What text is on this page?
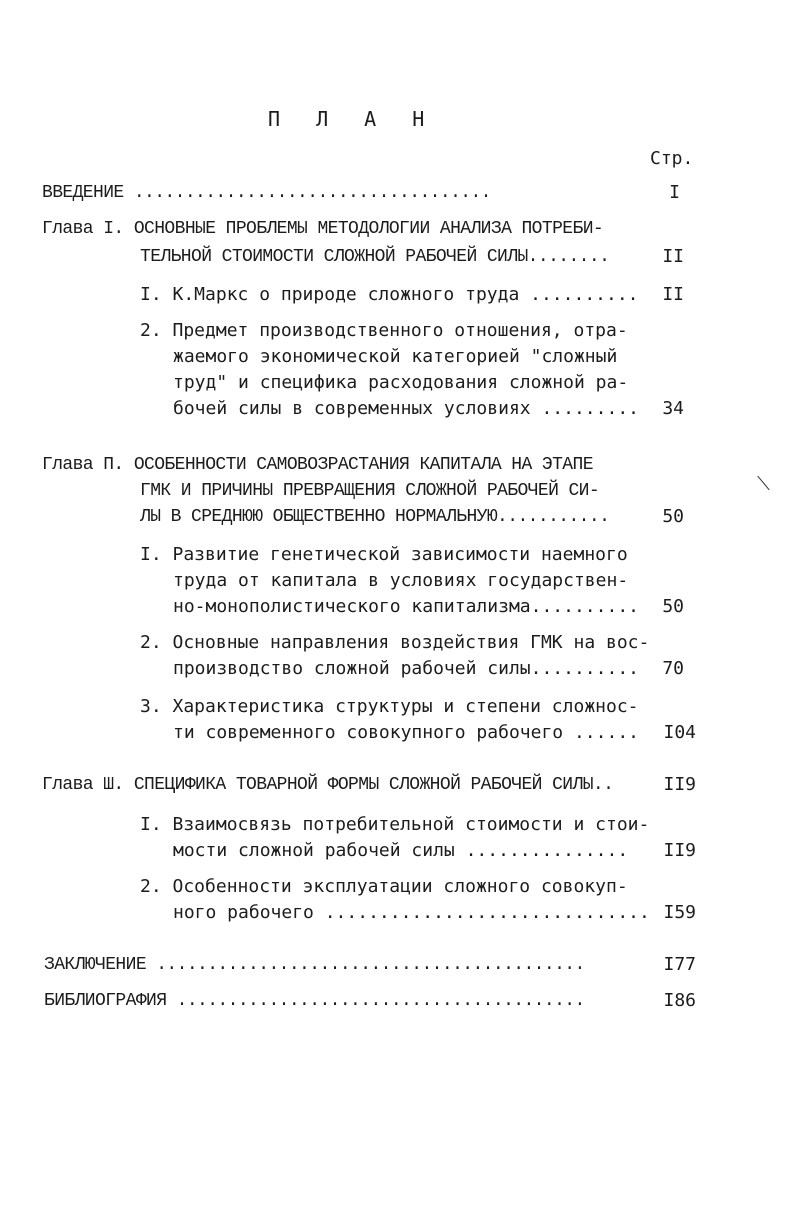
П Л А Н
Стр.
ВВЕДЕНИЕ ...................................	I
Глава I. ОСНОВНЫЕ ПРОБЛЕМЫ МЕТОДОЛОГИИ АНАЛИЗА ПОТРЕБИ-
ТЕЛЬНОЙ СТОИМОСТИ СЛОЖНОЙ РАБОЧЕЙ СИЛЫ........	II
I. К.Маркс о природе сложного труда ..........	II
2. Предмет производственного отношения, отра-
жаемого экономической категорией "сложный
труд" и специфика расходования сложной ра-
бочей силы в современных условиях .........	34
Глава П. ОСОБЕННОСТИ САМОВОЗРАСТАНИЯ КАПИТАЛА НА ЭТАПЕ
ГМК И ПРИЧИНЫ ПРЕВРАЩЕНИЯ СЛОЖНОЙ РАБОЧЕЙ СИ-
ЛЫ В СРЕДНЮЮ ОБЩЕСТВЕННО НОРМАЛЬНУЮ...........	50
I. Развитие генетической зависимости наемного
труда от капитала в условиях государствен-
но-монополистического капитализма..........	50
2. Основные направления воздействия ГМК на вос-
производство сложной рабочей силы..........	70
3. Характеристика структуры и степени сложнос-
ти современного совокупного рабочего ......	I04
Глава Ш. СПЕЦИФИКА ТОВАРНОЙ ФОРМЫ СЛОЖНОЙ РАБОЧЕЙ СИЛЫ..	II9
I. Взаимосвязь потребительной стоимости и стои-
мости сложной рабочей силы ...............	II9
2. Особенности эксплуатации сложного совокуп-
ного рабочего .............................. I59
ЗАКЛЮЧЕНИЕ ..........................................	I77
БИБЛИОГРАФИЯ ........................................	I86
